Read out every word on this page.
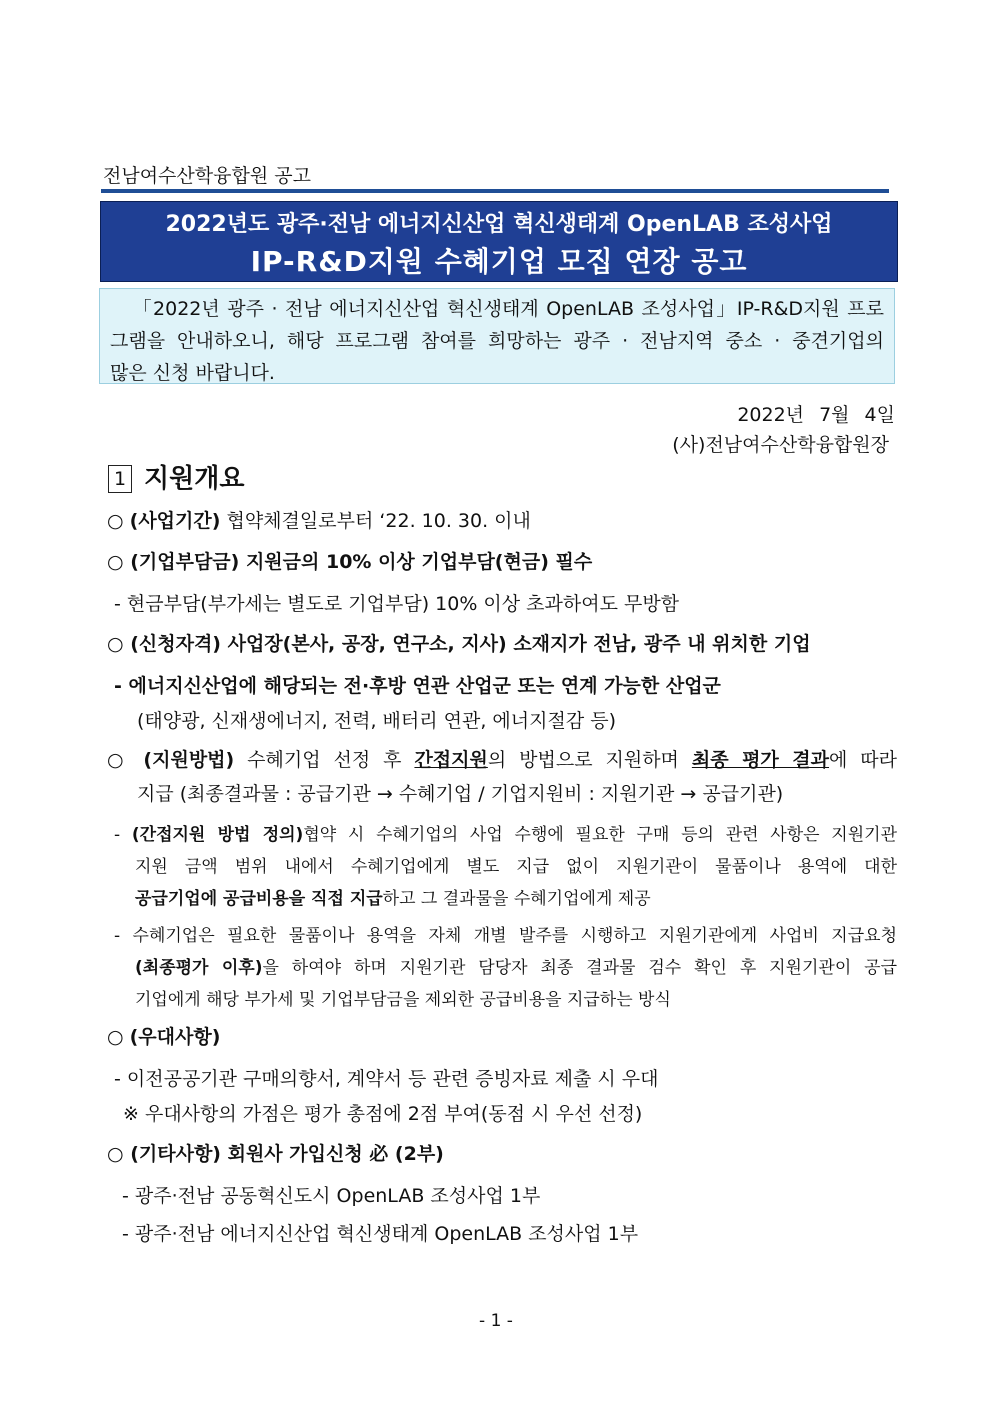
전남여수산학융합원 공고
2022년도 광주·전남 에너지신산업 혁신생태계 OpenLAB 조성사업
IP-R&D지원 수혜기업 모집 연장 공고

「2022년 광주 · 전남 에너지신산업 혁신생태계 OpenLAB 조성사업」IP-R&D지원 프로

그램을 안내하오니, 해당 프로그램 참여를 희망하는 광주 · 전남지역 중소 · 중견기업의

많은 신청 바랍니다.

2022년 7월 4일
(사)전남여수산학융합원장
1 지원개요
○ (사업기간) 협약체결일로부터 ‘22. 10. 30. 이내
○ (기업부담금) 지원금의 10% 이상 기업부담(현금) 필수
- 현금부담(부가세는 별도로 기업부담) 10% 이상 초과하여도 무방함
○ (신청자격) 사업장(본사, 공장, 연구소, 지사) 소재지가 전남, 광주 내 위치한 기업
- 에너지신산업에 해당되는 전·후방 연관 산업군 또는 연계 가능한 산업군
(태양광, 신재생에너지, 전력, 배터리 연관, 에너지절감 등)
○ (지원방법) 수혜기업 선정 후 간접지원의 방법으로 지원하며 최종 평가 결과에 따라
지급 (최종결과물 : 공급기관 → 수혜기업 / 기업지원비 : 지원기관 → 공급기관)
- (간접지원 방법 정의)협약 시 수혜기업의 사업 수행에 필요한 구매 등의 관련 사항은 지원기관
지원 금액 범위 내에서 수혜기업에게 별도 지급 없이 지원기관이 물품이나 용역에 대한
공급기업에 공급비용을 직접 지급하고 그 결과물을 수혜기업에게 제공
- 수혜기업은 필요한 물품이나 용역을 자체 개별 발주를 시행하고 지원기관에게 사업비 지급요청
(최종평가 이후)을 하여야 하며 지원기관 담당자 최종 결과물 검수 확인 후 지원기관이 공급
기업에게 해당 부가세 및 기업부담금을 제외한 공급비용을 지급하는 방식
○ (우대사항)
- 이전공공기관 구매의향서, 계약서 등 관련 증빙자료 제출 시 우대
※ 우대사항의 가점은 평가 총점에 2점 부여(동점 시 우선 선정)
○ (기타사항) 회원사 가입신청 必 (2부)
- 광주·전남 공동혁신도시 OpenLAB 조성사업 1부
- 광주·전남 에너지신산업 혁신생태계 OpenLAB 조성사업 1부
- 1 -
